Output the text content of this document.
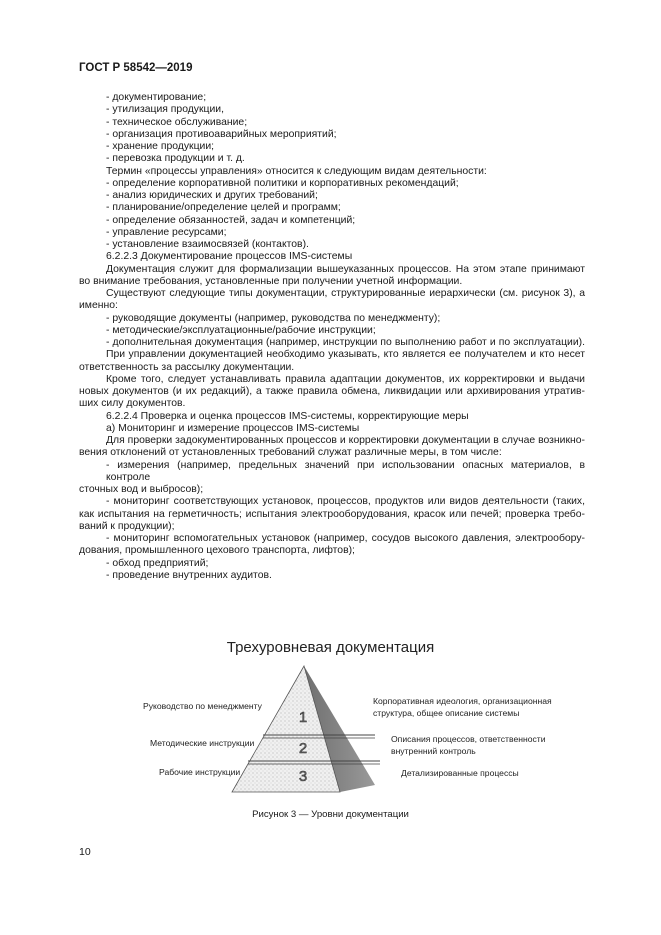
ГОСТ Р 58542—2019
- документирование;
- утилизация продукции,
- техническое обслуживание;
- организация противоаварийных мероприятий;
- хранение продукции;
- перевозка продукции и т. д.
Термин «процессы управления» относится к следующим видам деятельности:
- определение корпоративной политики и корпоративных рекомендаций;
- анализ юридических и других требований;
- планирование/определение целей и программ;
- определение обязанностей, задач и компетенций;
- управление ресурсами;
- установление взаимосвязей (контактов).
6.2.2.3 Документирование процессов IMS-системы
Документация служит для формализации вышеуказанных процессов. На этом этапе принимают
во внимание требования, установленные при получении учетной информации.
Существуют следующие типы документации, структурированные иерархически (см. рисунок 3), а
именно:
- руководящие документы (например, руководства по менеджменту);
- методические/эксплуатационные/рабочие инструкции;
- дополнительная документация (например, инструкции по выполнению работ и по эксплуатации).
При управлении документацией необходимо указывать, кто является ее получателем и кто несет
ответственность за рассылку документации.
Кроме того, следует устанавливать правила адаптации документов, их корректировки и выдачи
новых документов (и их редакций), а также правила обмена, ликвидации или архивирования утратив-
ших силу документов.
6.2.2.4 Проверка и оценка процессов IMS-системы, корректирующие меры
а) Мониторинг и измерение процессов IMS-системы
Для проверки задокументированных процессов и корректировки документации в случае возникно-
вения отклонений от установленных требований служат различные меры, в том числе:
- измерения (например, предельных значений при использовании опасных материалов, в контроле
сточных вод и выбросов);
- мониторинг соответствующих установок, процессов, продуктов или видов деятельности (таких,
как испытания на герметичность; испытания электрооборудования, красок или печей; проверка требо-
ваний к продукции);
- мониторинг вспомогательных установок (например, сосудов высокого давления, электрообору-
дования, промышленного цехового транспорта, лифтов);
- обход предприятий;
- проведение внутренних аудитов.
Трехуровневая документация
1
2
3
Руководство по менеджменту
Методические инструкции
Рабочие инструкции
Корпоративная идеология, организационная
структура, общее описание системы
Описания процессов, ответственности
внутренний контроль
Детализированные процессы
Рисунок 3 — Уровни документации
10
